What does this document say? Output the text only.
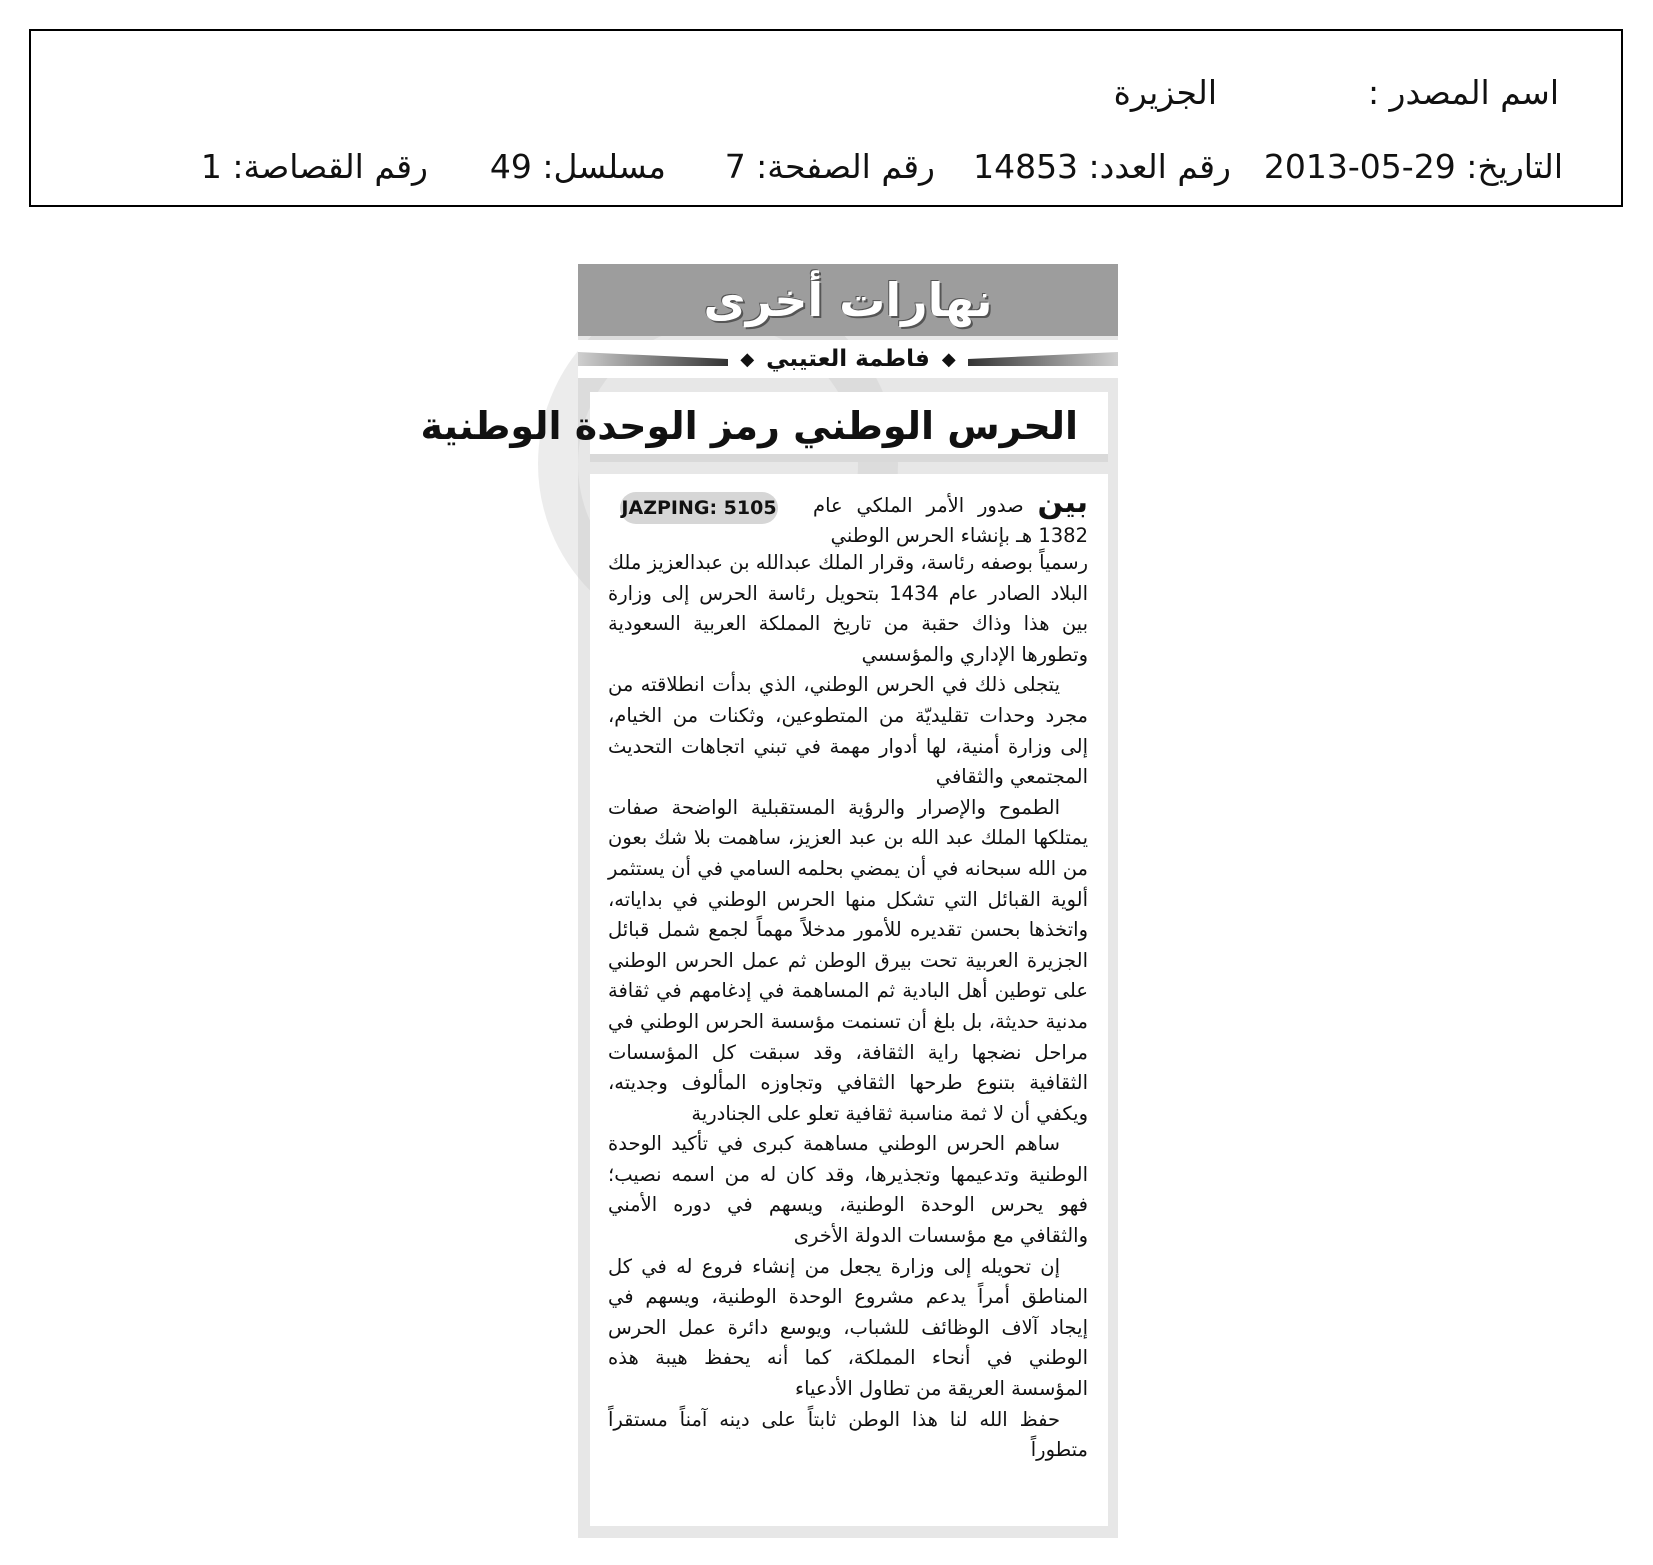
اسم المصدر :
الجزيرة
التاريخ: 29-05-2013
رقم العدد: 14853
رقم الصفحة: 7
مسلسل: 49
رقم القصاصة: 1
نهارات أخرى
◆
فاطمة العتيبي
◆
الحرس الوطني رمز الوحدة الوطنية
JAZPING: 5105	بين صدور الأمر الملكي عام 1382 هـ بإنشاء الحرس الوطني

رسمياً بوصفه رئاسة، وقرار الملك عبدالله بن عبدالعزيز ملك البلاد الصادر عام 1434 بتحويل رئاسة الحرس إلى وزارة بين هذا وذاك حقبة من تاريخ المملكة العربية السعودية وتطورها الإداري والمؤسسي

يتجلى ذلك في الحرس الوطني، الذي بدأت انطلاقته من مجرد وحدات تقليديّة من المتطوعين، وثكنات من الخيام، إلى وزارة أمنية، لها أدوار مهمة في تبني اتجاهات التحديث المجتمعي والثقافي

الطموح والإصرار والرؤية المستقبلية الواضحة صفات يمتلكها الملك عبد الله بن عبد العزيز، ساهمت بلا شك بعون من الله سبحانه في أن يمضي بحلمه السامي في أن يستثمر ألوية القبائل التي تشكل منها الحرس الوطني في بداياته، واتخذها بحسن تقديره للأمور مدخلاً مهماً لجمع شمل قبائل الجزيرة العربية تحت بيرق الوطن ثم عمل الحرس الوطني على توطين أهل البادية ثم المساهمة في إدغامهم في ثقافة مدنية حديثة، بل بلغ أن تسنمت مؤسسة الحرس الوطني في مراحل نضجها راية الثقافة، وقد سبقت كل المؤسسات الثقافية بتنوع طرحها الثقافي وتجاوزه المألوف وجديته، ويكفي أن لا ثمة مناسبة ثقافية تعلو على الجنادرية

ساهم الحرس الوطني مساهمة كبرى في تأكيد الوحدة الوطنية وتدعيمها وتجذيرها، وقد كان له من اسمه نصيب؛ فهو يحرس الوحدة الوطنية، ويسهم في دوره الأمني والثقافي مع مؤسسات الدولة الأخرى

إن تحويله إلى وزارة يجعل من إنشاء فروع له في كل المناطق أمراً يدعم مشروع الوحدة الوطنية، ويسهم في إيجاد آلاف الوظائف للشباب، ويوسع دائرة عمل الحرس الوطني في أنحاء المملكة، كما أنه يحفظ هيبة هذه المؤسسة العريقة من تطاول الأدعياء

حفظ الله لنا هذا الوطن ثابتاً على دينه آمناً مستقراً متطوراً
